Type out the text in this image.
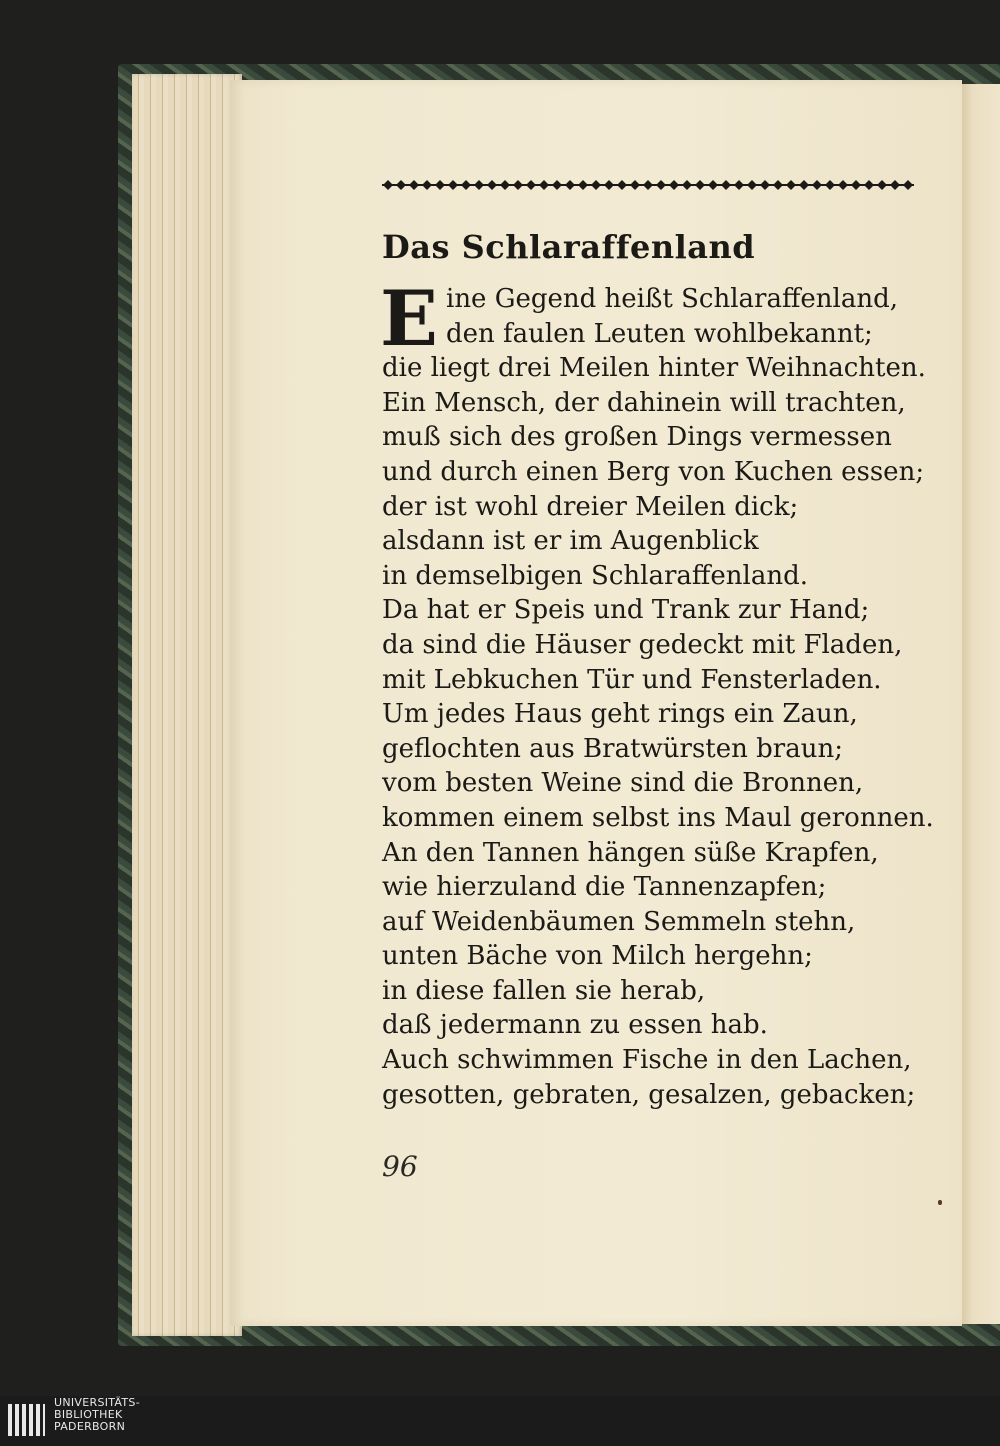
Das Schlaraffenland
E ine Gegend heißt Schlaraffenland,
den faulen Leuten wohlbekannt;
die liegt drei Meilen hinter Weihnachten.
Ein Mensch, der dahinein will trachten,
muß sich des großen Dings vermessen
und durch einen Berg von Kuchen essen;
der ist wohl dreier Meilen dick;
alsdann ist er im Augenblick
in demselbigen Schlaraffenland.
Da hat er Speis und Trank zur Hand;
da sind die Häuser gedeckt mit Fladen,
mit Lebkuchen Tür und Fensterladen.
Um jedes Haus geht rings ein Zaun,
geflochten aus Bratwürsten braun;
vom besten Weine sind die Bronnen,
kommen einem selbst ins Maul geronnen.
An den Tannen hängen süße Krapfen,
wie hierzuland die Tannenzapfen;
auf Weidenbäumen Semmeln stehn,
unten Bäche von Milch hergehn;
in diese fallen sie herab,
daß jedermann zu essen hab.
Auch schwimmen Fische in den Lachen,
gesotten, gebraten, gesalzen, gebacken;
96
UNIVERSITÄTS-
BIBLIOTHEK
PADERBORN
